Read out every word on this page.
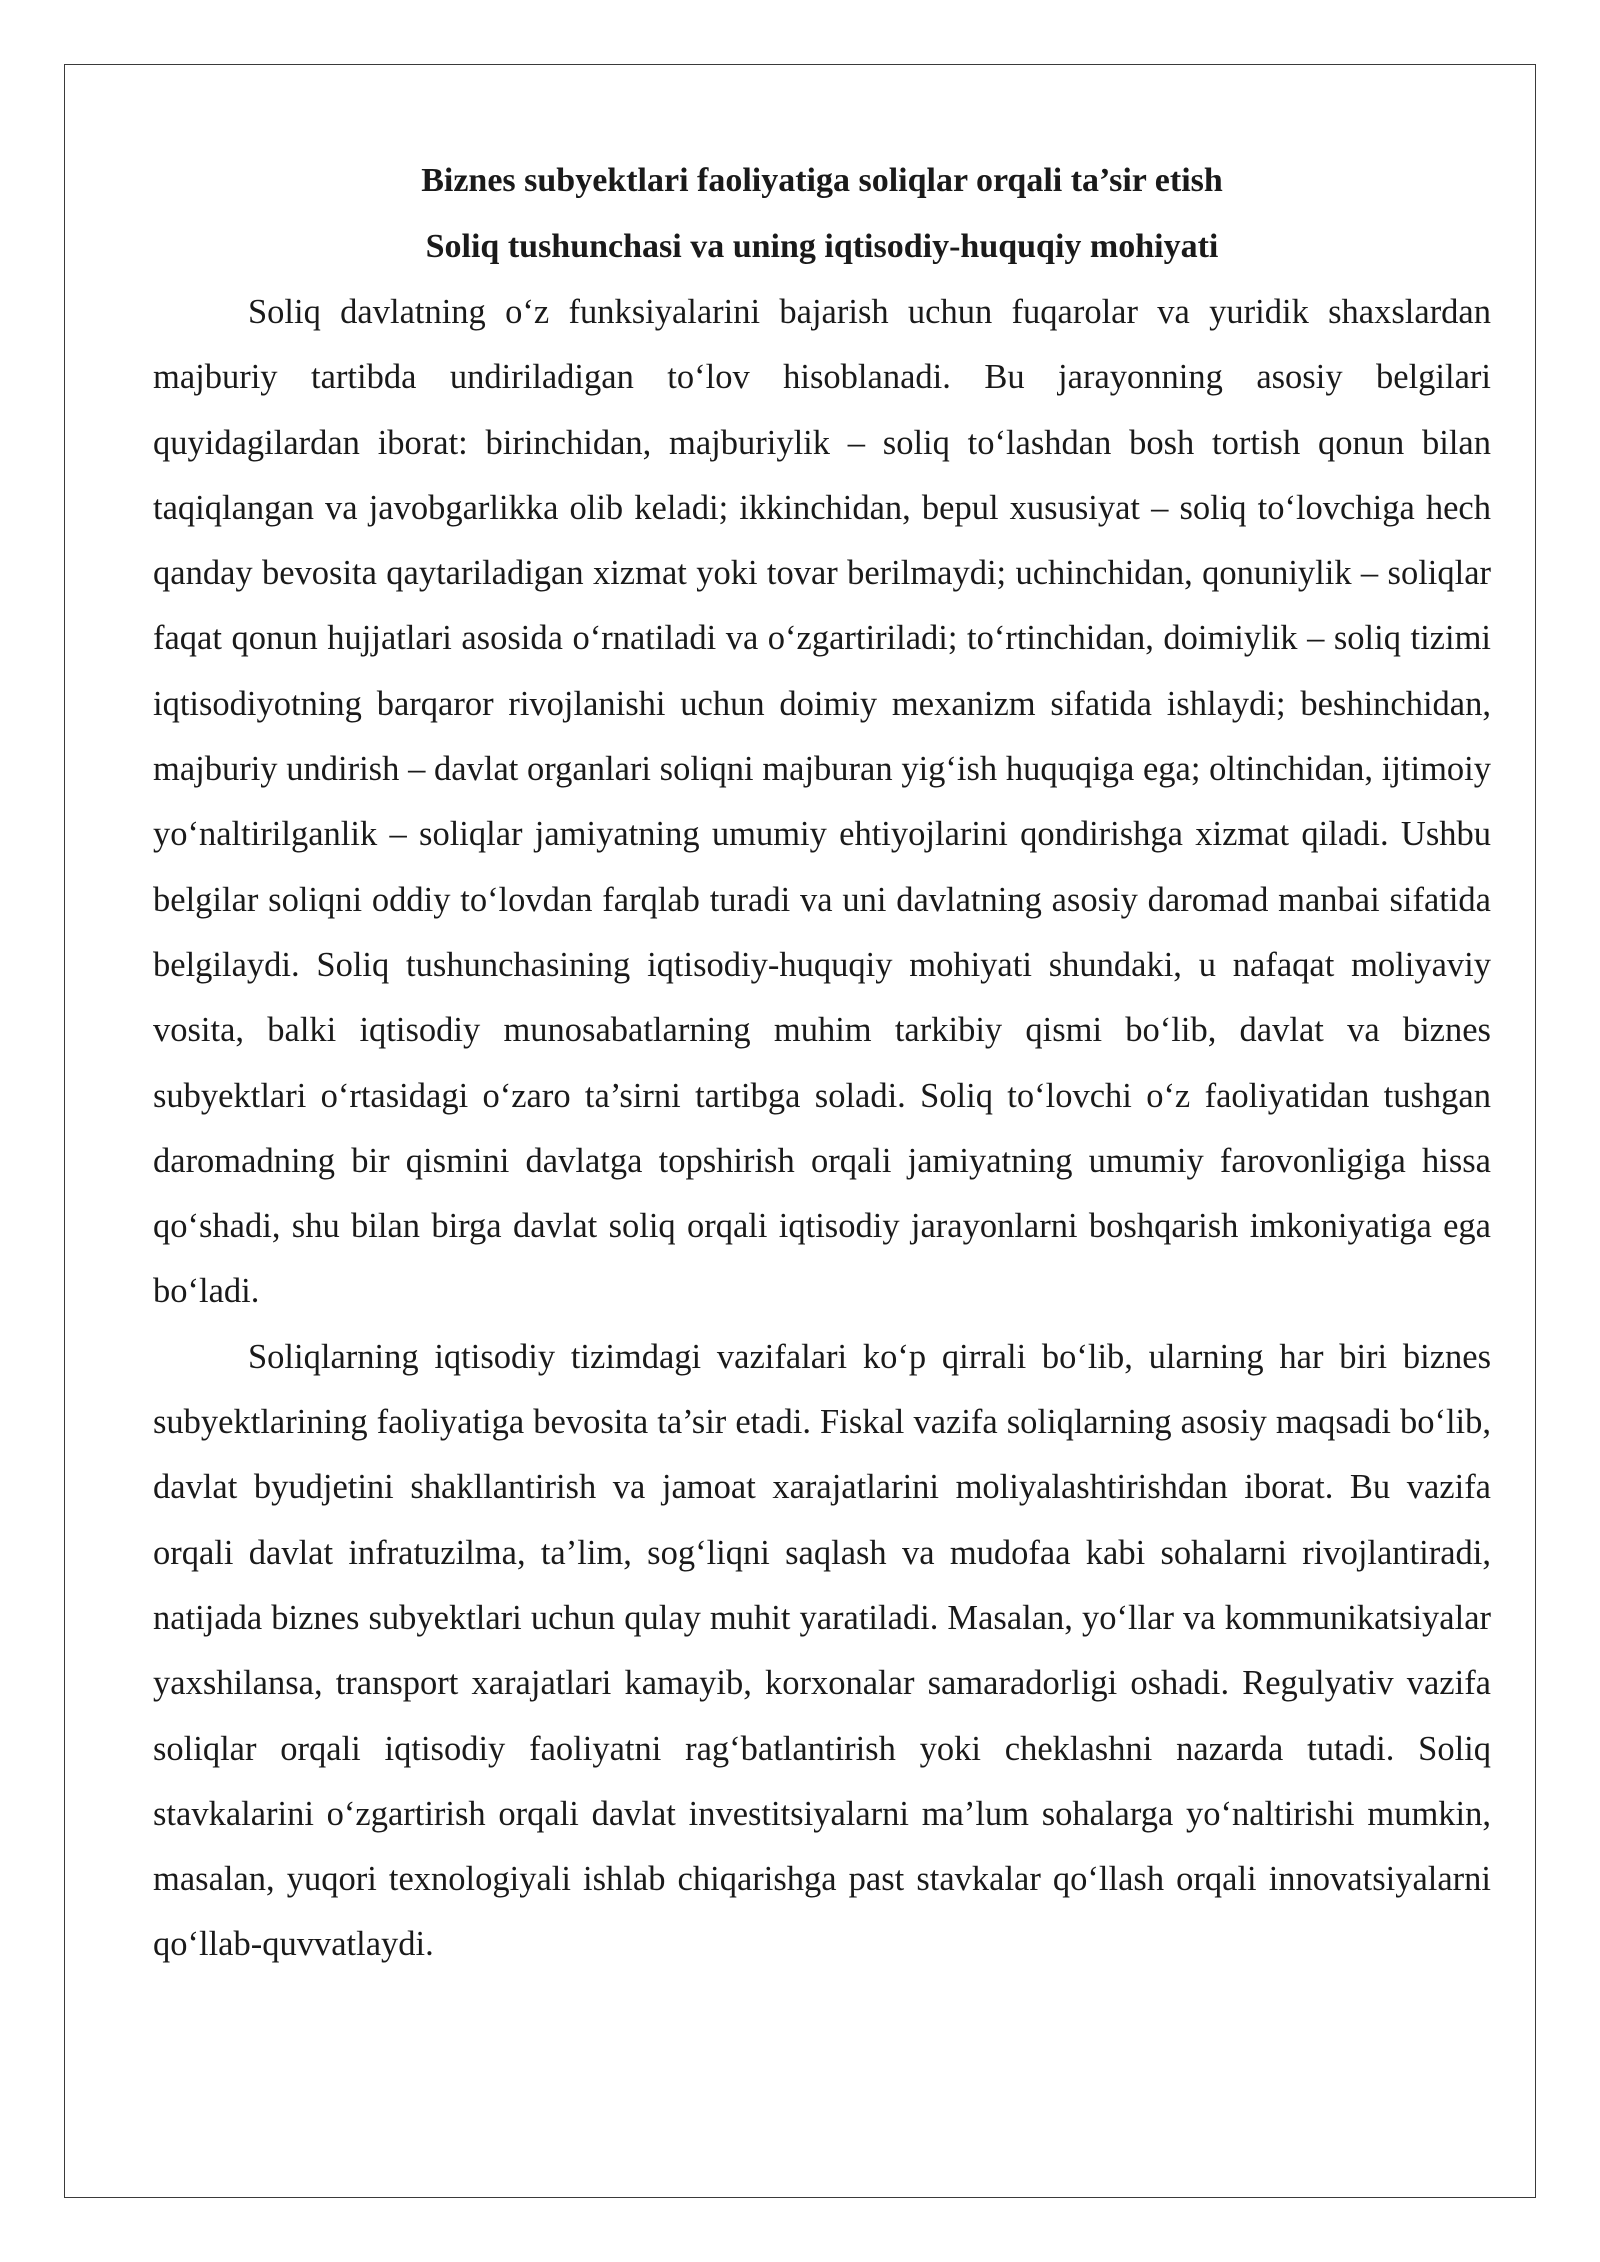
Biznes subyektlari faoliyatiga soliqlar orqali ta’sir etish
Soliq tushunchasi va uning iqtisodiy-huquqiy mohiyati

Soliq davlatning oʻz funksiyalarini bajarish uchun fuqarolar va yuridik shaxslardan majburiy tartibda undiriladigan toʻlov hisoblanadi. Bu jarayonning asosiy belgilari quyidagilardan iborat: birinchidan, majburiylik – soliq toʻlashdan bosh tortish qonun bilan taqiqlangan va javobgarlikka olib keladi; ikkinchidan, bepul xususiyat – soliq toʻlovchiga hech qanday bevosita qaytariladigan xizmat yoki tovar berilmaydi; uchinchidan, qonuniylik – soliqlar faqat qonun hujjatlari asosida oʻrnatiladi va oʻzgartiriladi; toʻrtinchidan, doimiylik – soliq tizimi iqtisodiyotning barqaror rivojlanishi uchun doimiy mexanizm sifatida ishlaydi; beshinchidan, majburiy undirish – davlat organlari soliqni majburan yigʻish huquqiga ega; oltinchidan, ijtimoiy yoʻnaltirilganlik – soliqlar jamiyatning umumiy ehtiyojlarini qondirishga xizmat qiladi. Ushbu belgilar soliqni oddiy toʻlovdan farqlab turadi va uni davlatning asosiy daromad manbai sifatida belgilaydi. Soliq tushunchasining iqtisodiy-huquqiy mohiyati shundaki, u nafaqat moliyaviy vosita, balki iqtisodiy munosabatlarning muhim tarkibiy qismi boʻlib, davlat va biznes subyektlari oʻrtasidagi oʻzaro ta’sirni tartibga soladi. Soliq toʻlovchi oʻz faoliyatidan tushgan daromadning bir qismini davlatga topshirish orqali jamiyatning umumiy farovonligiga hissa qoʻshadi, shu bilan birga davlat soliq orqali iqtisodiy jarayonlarni boshqarish imkoniyatiga ega boʻladi.

Soliqlarning iqtisodiy tizimdagi vazifalari koʻp qirrali boʻlib, ularning har biri biznes subyektlarining faoliyatiga bevosita ta’sir etadi. Fiskal vazifa soliqlarning asosiy maqsadi boʻlib, davlat byudjetini shakllantirish va jamoat xarajatlarini moliyalashtirishdan iborat. Bu vazifa orqali davlat infratuzilma, ta’lim, sogʻliqni saqlash va mudofaa kabi sohalarni rivojlantiradi, natijada biznes subyektlari uchun qulay muhit yaratiladi. Masalan, yoʻllar va kommunikatsiyalar yaxshilansa, transport xarajatlari kamayib, korxonalar samaradorligi oshadi. Regulyativ vazifa soliqlar orqali iqtisodiy faoliyatni ragʻbatlantirish yoki cheklashni nazarda tutadi. Soliq stavkalarini oʻzgartirish orqali davlat investitsiyalarni ma’lum sohalarga yoʻnaltirishi mumkin, masalan, yuqori texnologiyali ishlab chiqarishga past stavkalar qoʻllash orqali innovatsiyalarni qoʻllab-quvvatlaydi.
